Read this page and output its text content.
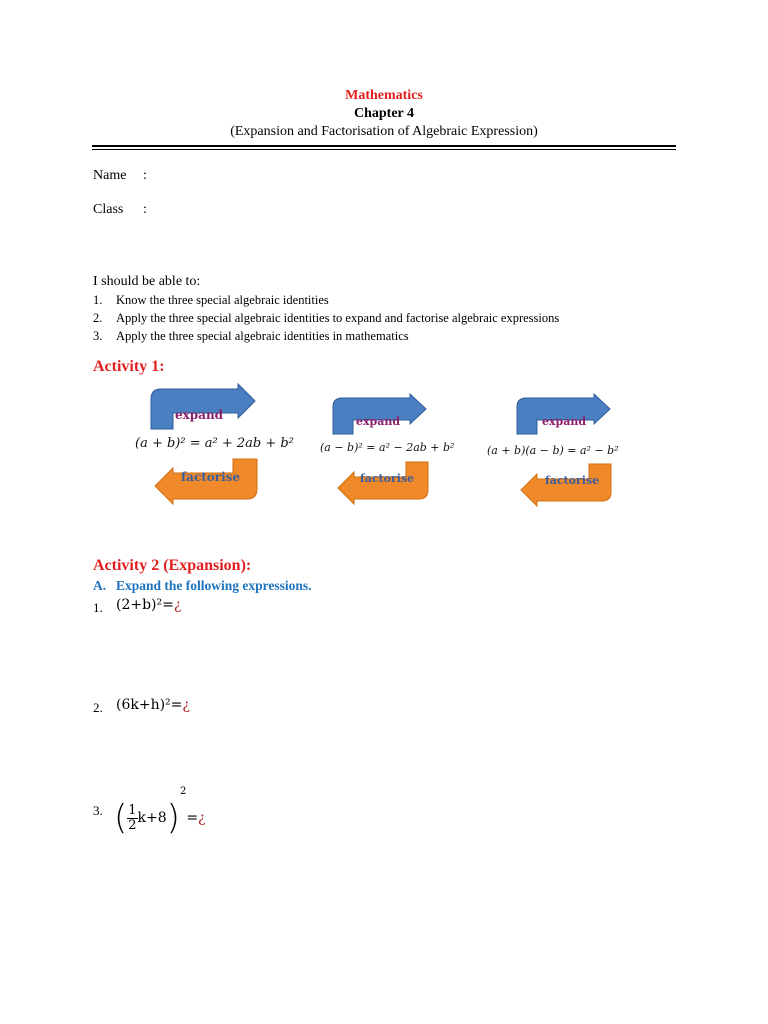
Mathematics
Chapter 4
(Expansion and Factorisation of Algebraic Expression)
Name :
Class :
I should be able to:
1. Know the three special algebraic identities
2. Apply the three special algebraic identities to expand and factorise algebraic expressions
3. Apply the three special algebraic identities in mathematics
Activity 1:
expand
factorise
(a + b)² = a² + 2ab + b²
expand
factorise
(a − b)² = a² − 2ab + b²
expand
factorise
(a + b)(a − b) = a² − b²
Activity 2 (Expansion):
A. Expand the following expressions.
1. (2+b)²=¿
2. (6k+h)²=¿
3. ( $\frac{1}{2}$ k+8)$^2$=¿
